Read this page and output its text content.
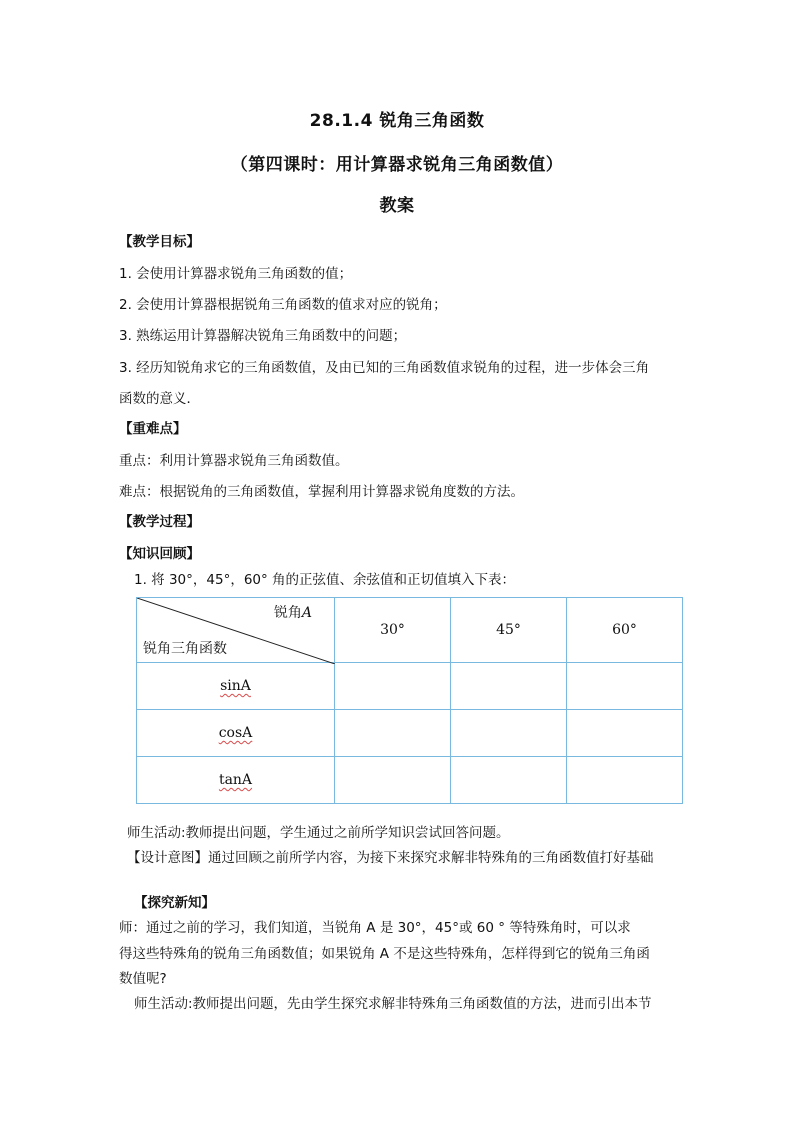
28.1.4 锐角三角函数
（第四课时：用计算器求锐角三角函数值）
教案
【教学目标】
1. 会使用计算器求锐角三角函数的值；
2. 会使用计算器根据锐角三角函数的值求对应的锐角；
3. 熟练运用计算器解决锐角三角函数中的问题；
3. 经历知锐角求它的三角函数值，及由已知的三角函数值求锐角的过程，进一步体会三角
函数的意义．
【重难点】
重点：利用计算器求锐角三角函数值。
难点：根据锐角的三角函数值，掌握利用计算器求锐角度数的方法。
【教学过程】
【知识回顾】
1. 将 30°，45°，60° 角的正弦值、余弦值和正切值填入下表：
锐角A
锐角三角函数	30°	45°	60°
sinA			
cosA			
tanA			
师生活动:教师提出问题，学生通过之前所学知识尝试回答问题。
【设计意图】通过回顾之前所学内容，为接下来探究求解非特殊角的三角函数值打好基础
【探究新知】
师：通过之前的学习，我们知道，当锐角 A 是 30°，45°或 60 ° 等特殊角时，可以求
得这些特殊角的锐角三角函数值；如果锐角 A 不是这些特殊角，怎样得到它的锐角三角函
数值呢?
师生活动:教师提出问题，先由学生探究求解非特殊角三角函数值的方法，进而引出本节
